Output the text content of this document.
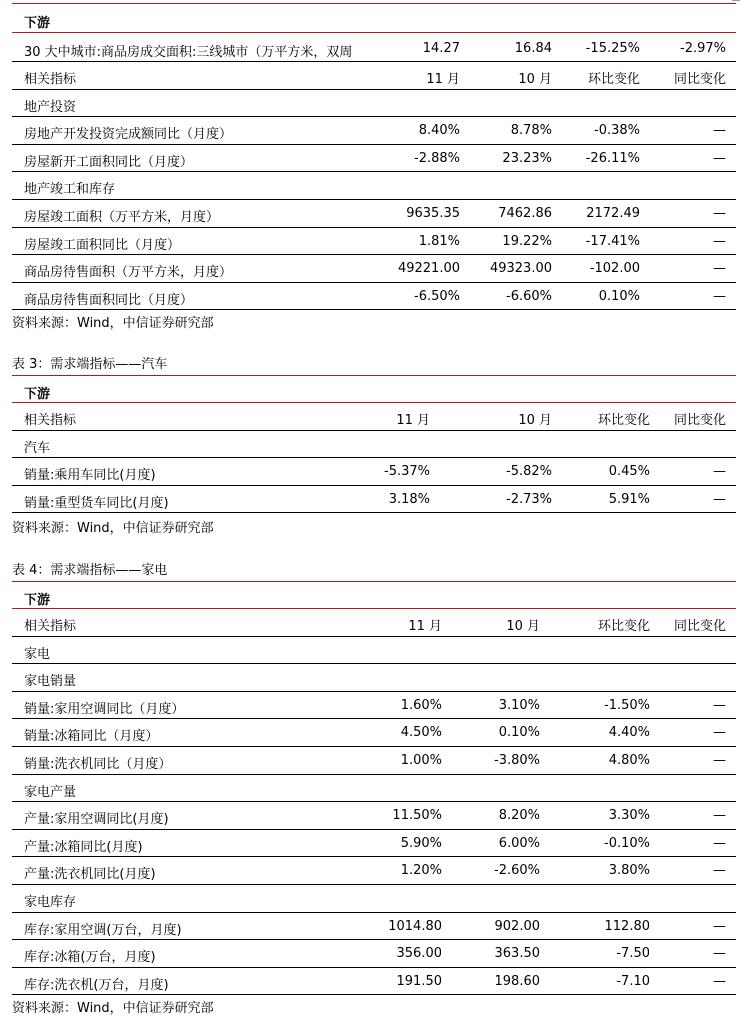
下游
30 大中城市:商品房成交面积:三线城市（万平方米，双周	14.27	16.84	-15.25%	-2.97%
相关指标	11 月	10 月	环比变化	同比变化
地产投资
房地产开发投资完成额同比（月度）	8.40%	8.78%	-0.38%	—
房屋新开工面积同比（月度）	-2.88%	23.23%	-26.11%	—
地产竣工和库存
房屋竣工面积（万平方米，月度）	9635.35	7462.86	2172.49	—
房屋竣工面积同比（月度）	1.81%	19.22%	-17.41%	—
商品房待售面积（万平方米，月度）	49221.00 49323.00	-102.00	—
商品房待售面积同比（月度）	-6.50%	-6.60%	0.10%	—
资料来源：Wind，中信证券研究部
表 3：需求端指标——汽车
下游
相关指标	11 月	10 月	环比变化 同比变化
汽车
销量:乘用车同比(月度)	-5.37%	-5.82%	0.45%	—
销量:重型货车同比(月度)	3.18%	-2.73%	5.91%	—
资料来源：Wind，中信证券研究部
表 4：需求端指标——家电
下游
相关指标	11 月	10 月	环比变化 同比变化
家电
家电销量
销量:家用空调同比（月度）	1.60%	3.10%	-1.50%	—
销量:冰箱同比（月度）	4.50%	0.10%	4.40%	—
销量:洗衣机同比（月度）	1.00%	-3.80%	4.80%	—
家电产量
产量:家用空调同比(月度)	11.50%	8.20%	3.30%	—
产量:冰箱同比(月度)	5.90%	6.00%	-0.10%	—
产量:洗衣机同比(月度)	1.20%	-2.60%	3.80%	—
家电库存
库存:家用空调(万台，月度)	1014.80	902.00	112.80	—
库存:冰箱(万台，月度)	356.00	363.50	-7.50	—
库存:洗衣机(万台，月度)	191.50	198.60	-7.10	—
资料来源：Wind，中信证券研究部
